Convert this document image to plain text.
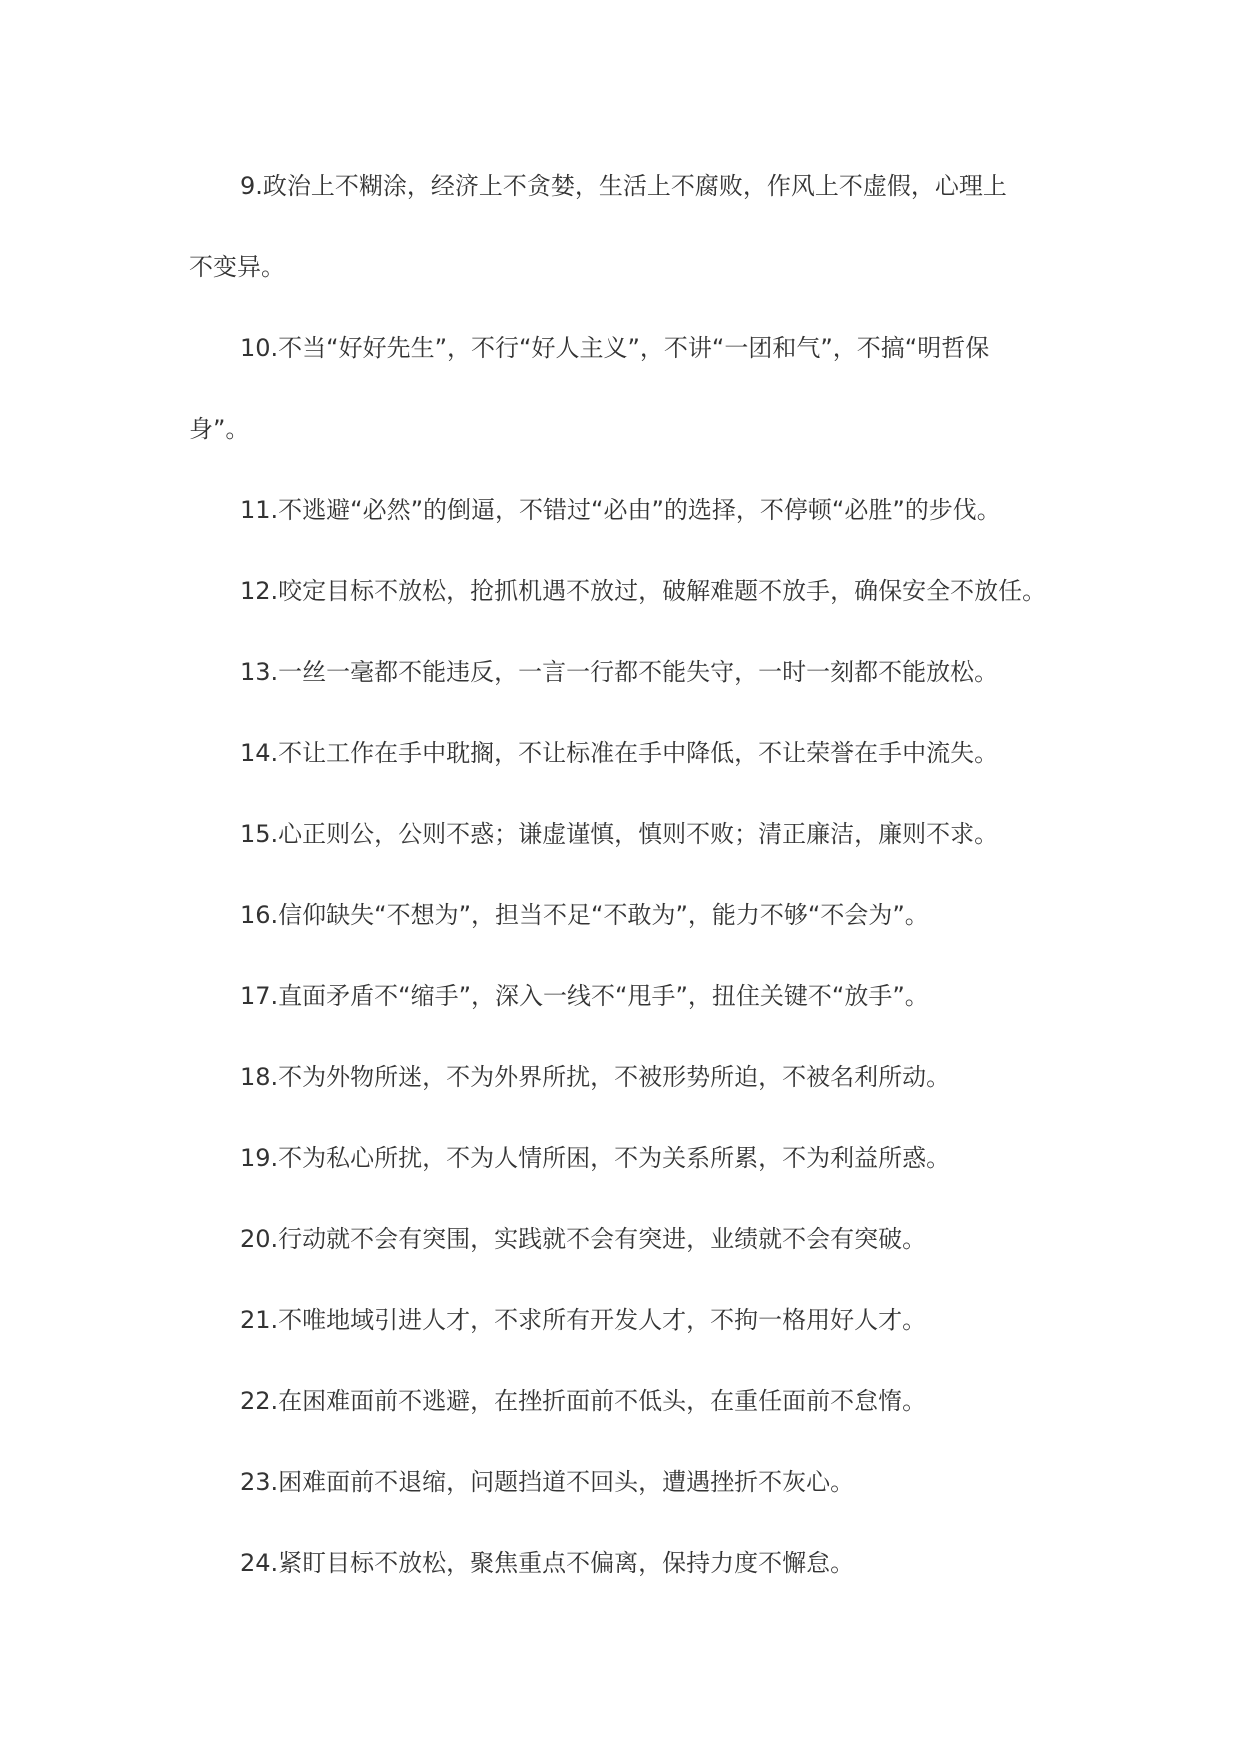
9.政治上不糊涂，经济上不贪婪，生活上不腐败，作风上不虚假，心理上
不变异。

10.不当“好好先生”，不行“好人主义”，不讲“一团和气”，不搞“明哲保
身”。

11.不逃避“必然”的倒逼，不错过“必由”的选择，不停顿“必胜”的步伐。

12.咬定目标不放松，抢抓机遇不放过，破解难题不放手，确保安全不放任。

13.一丝一毫都不能违反，一言一行都不能失守，一时一刻都不能放松。

14.不让工作在手中耽搁，不让标准在手中降低，不让荣誉在手中流失。

15.心正则公，公则不惑；谦虚谨慎，慎则不败；清正廉洁，廉则不求。

16.信仰缺失“不想为”，担当不足“不敢为”，能力不够“不会为”。

17.直面矛盾不“缩手”，深入一线不“甩手”，扭住关键不“放手”。

18.不为外物所迷，不为外界所扰，不被形势所迫，不被名利所动。

19.不为私心所扰，不为人情所困，不为关系所累，不为利益所惑。

20.行动就不会有突围，实践就不会有突进，业绩就不会有突破。

21.不唯地域引进人才，不求所有开发人才，不拘一格用好人才。

22.在困难面前不逃避，在挫折面前不低头，在重任面前不怠惰。

23.困难面前不退缩，问题挡道不回头，遭遇挫折不灰心。

24.紧盯目标不放松，聚焦重点不偏离，保持力度不懈怠。
